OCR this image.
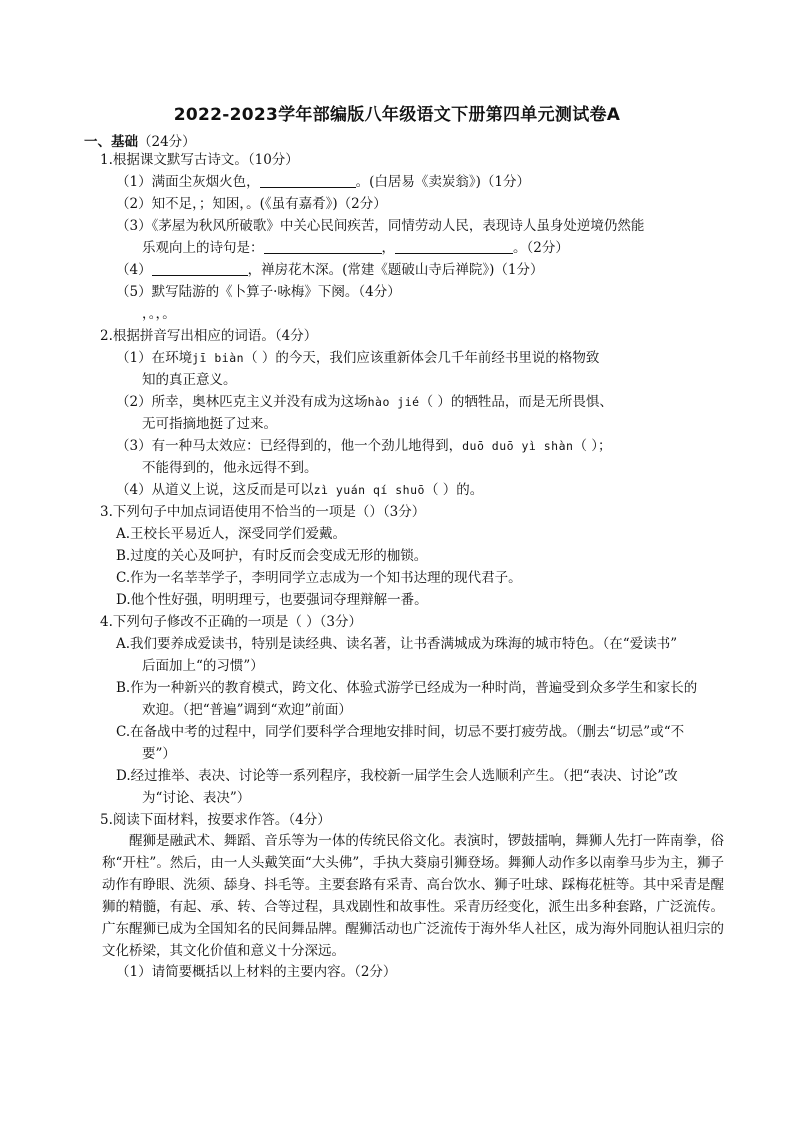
2022-2023学年部编版八年级语文下册第四单元测试卷A
一、基础（24分）
1.根据课文默写古诗文。（10分）
（1）满面尘灰烟火色，	。(白居易《卖炭翁》)（1分）
（2）知不足，；知困，。(《虽有嘉肴》)（2分）
（3）《茅屋为秋风所破歌》中关心民间疾苦，同情劳动人民，表现诗人虽身处逆境仍然能
乐观向上的诗句是：	，	。（2分）
（4）	，禅房花木深。(常建《题破山寺后禅院》)（1分）
（5）默写陆游的《卜算子·咏梅》下阕。（4分）
，。，。
2.根据拼音写出相应的词语。（4分）
（1）在环境jī biàn（ ）的今天，我们应该重新体会几千年前经书里说的格物致
知的真正意义。
（2）所幸，奥林匹克主义并没有成为这场hào jié（ ）的牺牲品，而是无所畏惧、
无可指摘地挺了过来。
（3）有一种马太效应：已经得到的，他一个劲儿地得到，duō duō yì shàn（ ）；
不能得到的，他永远得不到。
（4）从道义上说，这反而是可以zì yuán qí shuō（ ）的。
3.下列句子中加点词语使用不恰当的一项是（）（3分）
A.王校长平易近人，深受同学们爱戴。
B.过度的关心及呵护，有时反而会变成无形的枷锁。
C.作为一名莘莘学子，李明同学立志成为一个知书达理的现代君子。
D.他个性好强，明明理亏，也要强词夺理辩解一番。
4.下列句子修改不正确的一项是（ ）（3分）
A.我们要养成爱读书，特别是读经典、读名著，让书香满城成为珠海的城市特色。（在“爱读书”
后面加上“的习惯”）
B.作为一种新兴的教育模式，跨文化、体验式游学已经成为一种时尚，普遍受到众多学生和家长的
欢迎。（把“普遍”调到“欢迎”前面）
C.在备战中考的过程中，同学们要科学合理地安排时间，切忌不要打疲劳战。（删去“切忌”或“不
要”）
D.经过推举、表决、讨论等一系列程序，我校新一届学生会人选顺利产生。（把“表决、讨论”改
为“讨论、表决”）
5.阅读下面材料，按要求作答。（4分）
醒狮是融武术、舞蹈、音乐等为一体的传统民俗文化。表演时，锣鼓擂响，舞狮人先打一阵南拳，俗称“开柱”。然后，由一人头戴笑面“大头佛”，手执大葵扇引狮登场。舞狮人动作多以南拳马步为主，狮子动作有睁眼、洗须、舔身、抖毛等。主要套路有采青、高台饮水、狮子吐球、踩梅花桩等。其中采青是醒狮的精髓，有起、承、转、合等过程，具戏剧性和故事性。采青历经变化，派生出多种套路，广泛流传。广东醒狮已成为全国知名的民间舞品牌。醒狮活动也广泛流传于海外华人社区，成为海外同胞认祖归宗的文化桥梁，其文化价值和意义十分深远。
（1）请简要概括以上材料的主要内容。（2分）
